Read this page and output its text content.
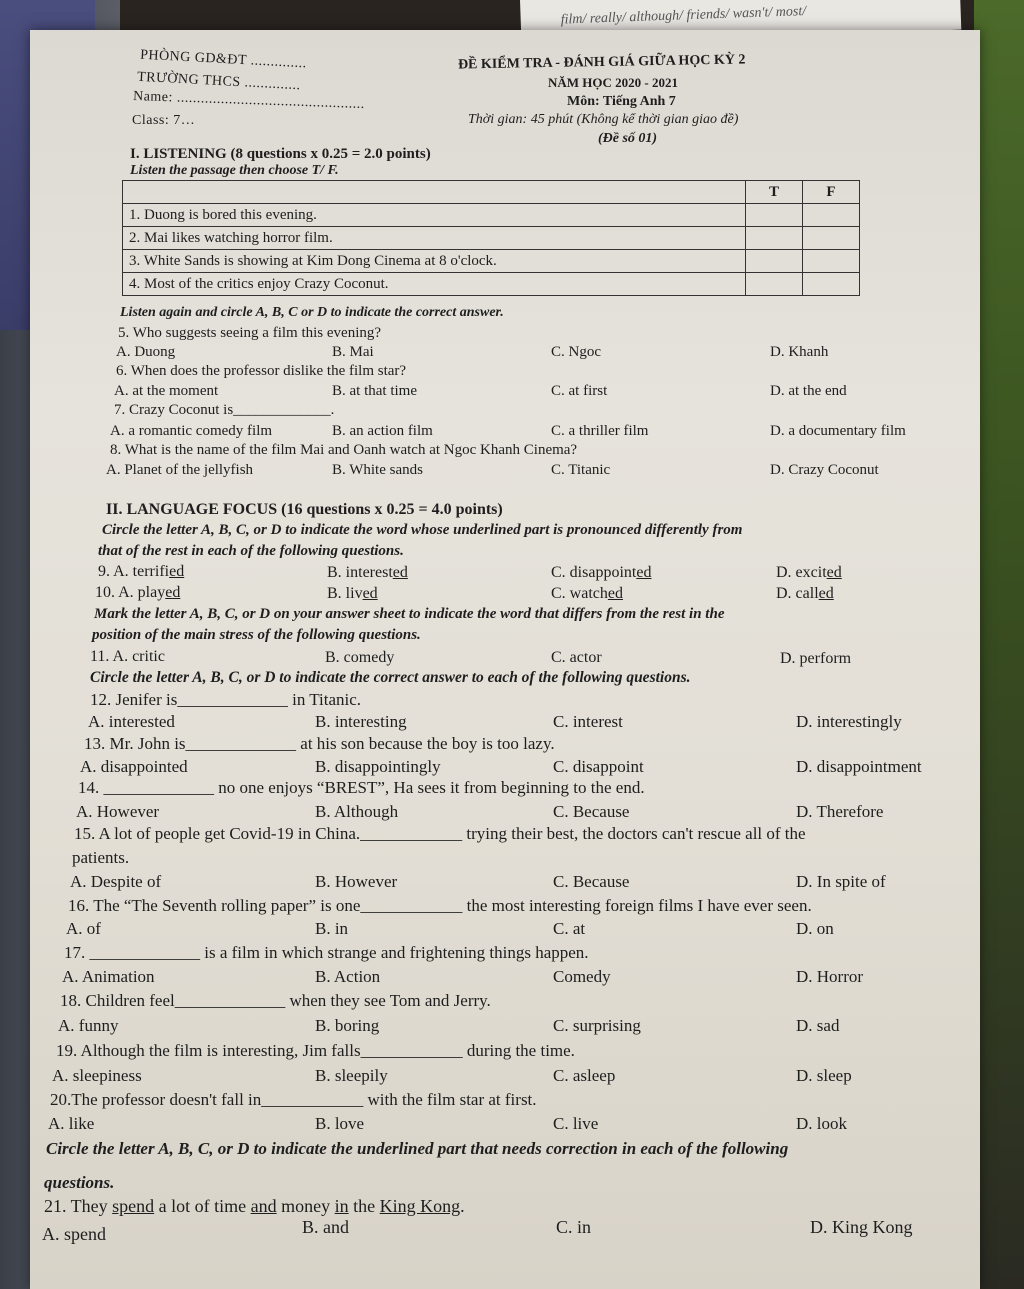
film/ really/ although/ friends/ wasn't/ most/
PHÒNG GD&ĐT ..............
TRƯỜNG THCS ..............
Name: ...............................................
Class: 7…
ĐỀ KIỂM TRA - ĐÁNH GIÁ GIỮA HỌC KỲ 2
NĂM HỌC 2020 - 2021
Môn: Tiếng Anh 7
Thời gian: 45 phút (Không kể thời gian giao đề)
(Đề số 01)
I. LISTENING (8 questions x 0.25 = 2.0 points)
Listen the passage then choose T/ F.
	T	F
1. Duong is bored this evening.		
2. Mai likes watching horror film.		
3. White Sands is showing at Kim Dong Cinema at 8 o'clock.		
4. Most of the critics enjoy Crazy Coconut.		
Listen again and circle A, B, C or D to indicate the correct answer.
5. Who suggests seeing a film this evening?
A. Duong	B. Mai	C. Ngoc	D. Khanh
6. When does the professor dislike the film star?
A. at the moment	B. at that time	C. at first	D. at the end
7. Crazy Coconut is_____________.
A. a romantic comedy film	B. an action film	C. a thriller film	D. a documentary film
8. What is the name of the film Mai and Oanh watch at Ngoc Khanh Cinema?
A. Planet of the jellyfish	B. White sands	C. Titanic	D. Crazy Coconut
II. LANGUAGE FOCUS (16 questions x 0.25 = 4.0 points)
Circle the letter A, B, C, or D to indicate the word whose underlined part is pronounced differently from
that of the rest in each of the following questions.
9. A. terrified	B. interested	C. disappointed	D. excited
10. A. played	B. lived	C. watched	D. called
Mark the letter A, B, C, or D on your answer sheet to indicate the word that differs from the rest in the
position of the main stress of the following questions.
11. A. critic	B. comedy	C. actor	D. perform
Circle the letter A, B, C, or D to indicate the correct answer to each of the following questions.
12. Jenifer is_____________ in Titanic.
A. interested	B. interesting	C. interest	D. interestingly
13. Mr. John is_____________ at his son because the boy is too lazy.
A. disappointed	B. disappointingly	C. disappoint	D. disappointment
14. _____________ no one enjoys “BREST”, Ha sees it from beginning to the end.
A. However	B. Although	C. Because	D. Therefore
15. A lot of people get Covid-19 in China.____________ trying their best, the doctors can't rescue all of the
patients.
A. Despite of	B. However	C. Because	D. In spite of
16. The “The Seventh rolling paper” is one____________ the most interesting foreign films I have ever seen.
A. of	B. in	C. at	D. on
17. _____________ is a film in which strange and frightening things happen.
A. Animation	B. Action	Comedy	D. Horror
18. Children feel_____________ when they see Tom and Jerry.
A. funny	B. boring	C. surprising	D. sad
19. Although the film is interesting, Jim falls____________ during the time.
A. sleepiness	B. sleepily	C. asleep	D. sleep
20.The professor doesn't fall in____________ with the film star at first.
A. like	B. love	C. live	D. look
Circle the letter A, B, C, or D to indicate the underlined part that needs correction in each of the following
questions.
21. They spend a lot of time and money in the King Kong.
A. spend	B. and	C. in	D. King Kong
